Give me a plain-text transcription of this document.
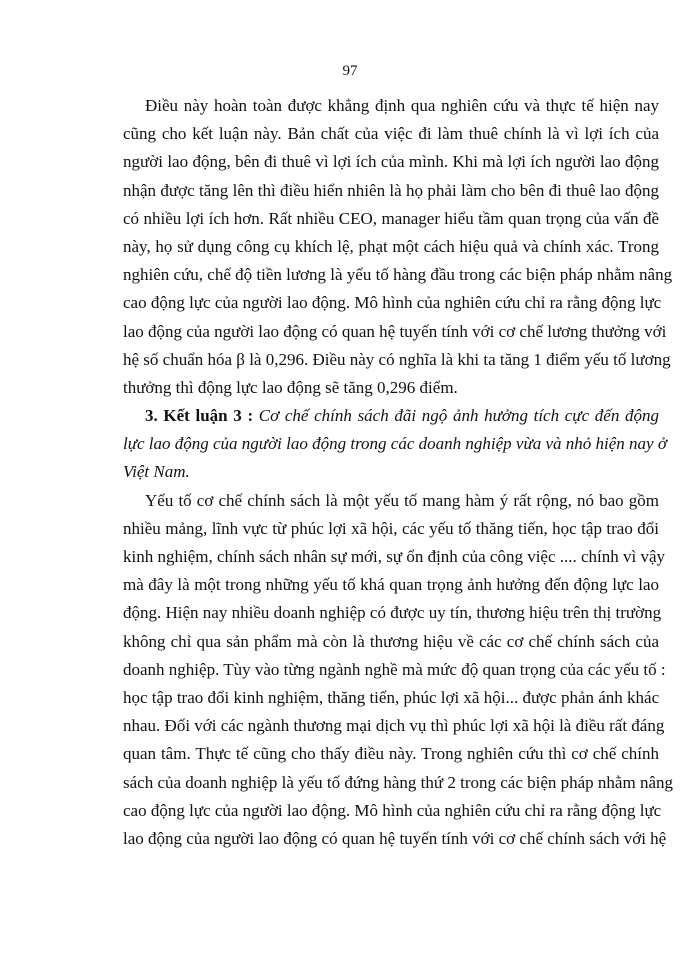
97
Điều này hoàn toàn được khẳng định qua nghiên cứu và thực tế hiện nay
cũng cho kết luận này. Bản chất của việc đi làm thuê chính là vì lợi ích của
người lao động, bên đi thuê vì lợi ích của mình. Khi mà lợi ích người lao động
nhận được tăng lên thì điều hiển nhiên là họ phải làm cho bên đi thuê lao động
có nhiều lợi ích hơn. Rất nhiều CEO, manager hiểu tầm quan trọng của vấn đề
này, họ sử dụng công cụ khích lệ, phạt một cách hiệu quả và chính xác. Trong
nghiên cứu, chế độ tiền lương là yếu tố hàng đầu trong các biện pháp nhằm nâng
cao động lực của người lao động. Mô hình của nghiên cứu chỉ ra rằng động lực
lao động của người lao động có quan hệ tuyến tính với cơ chế lương thưởng với
hệ số chuẩn hóa β là 0,296. Điều này có nghĩa là khi ta tăng 1 điểm yếu tố lương
thưởng thì động lực lao động sẽ tăng 0,296 điểm.
3. Kết luận 3 : Cơ chế chính sách đãi ngộ ảnh hưởng tích cực đến động
lực lao động của người lao động trong các doanh nghiệp vừa và nhỏ hiện nay ở
Việt Nam.
Yếu tố cơ chế chính sách là một yếu tố mang hàm ý rất rộng, nó bao gồm
nhiều mảng, lĩnh vực từ phúc lợi xã hội, các yếu tố thăng tiến, học tập trao đổi
kinh nghiệm, chính sách nhân sự mới, sự ổn định của công việc .... chính vì vậy
mà đây là một trong những yếu tố khá quan trọng ảnh hưởng đến động lực lao
động. Hiện nay nhiều doanh nghiệp có được uy tín, thương hiệu trên thị trường
không chỉ qua sản phẩm mà còn là thương hiệu về các cơ chế chính sách của
doanh nghiệp. Tùy vào từng ngành nghề mà mức độ quan trọng của các yếu tố :
học tập trao đổi kinh nghiệm, thăng tiến, phúc lợi xã hội... được phản ánh khác
nhau. Đối với các ngành thương mại dịch vụ thì phúc lợi xã hội là điều rất đáng
quan tâm. Thực tế cũng cho thấy điều này. Trong nghiên cứu thì cơ chế chính
sách của doanh nghiệp là yếu tố đứng hàng thứ 2 trong các biện pháp nhằm nâng
cao động lực của người lao động. Mô hình của nghiên cứu chỉ ra rằng động lực
lao động của người lao động có quan hệ tuyến tính với cơ chế chính sách với hệ
